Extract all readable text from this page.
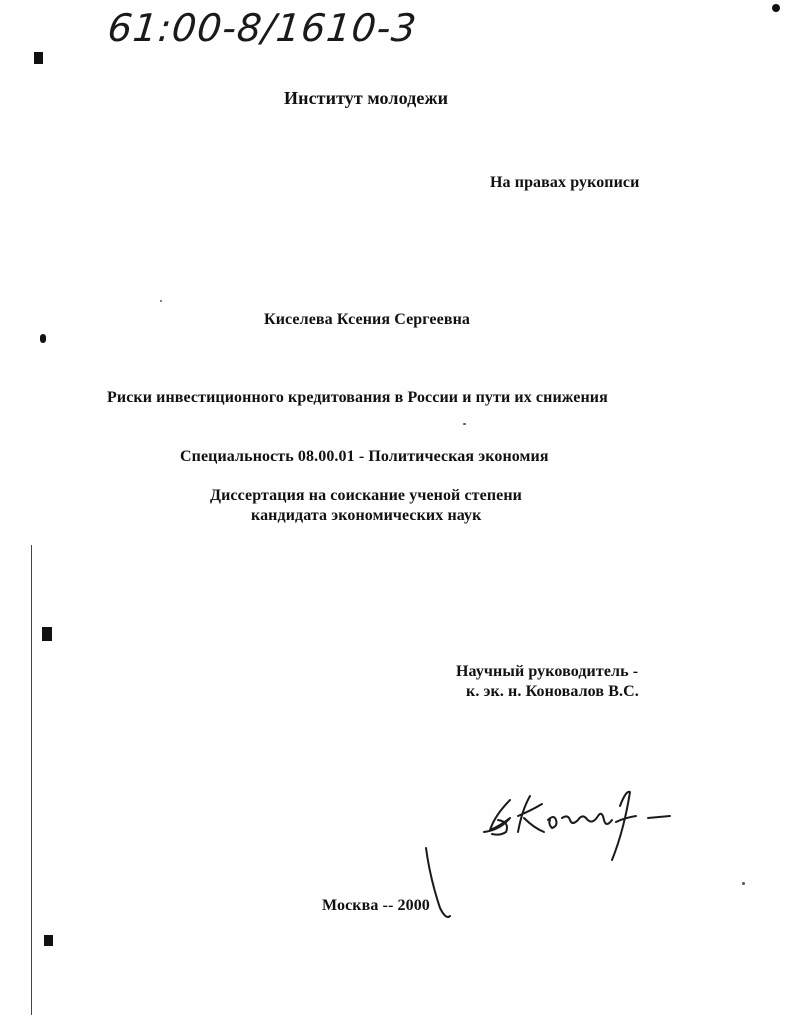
61:00-8/1610-3
Институт молодежи
На правах рукописи
Киселева Ксения Сергеевна
Риски инвестиционного кредитования в России и пути их снижения
Специальность 08.00.01 - Политическая экономия
Диссертация на соискание ученой степени
кандидата экономических наук
Научный руководитель -
к. эк. н. Коновалов В.С.
Москва -- 2000
